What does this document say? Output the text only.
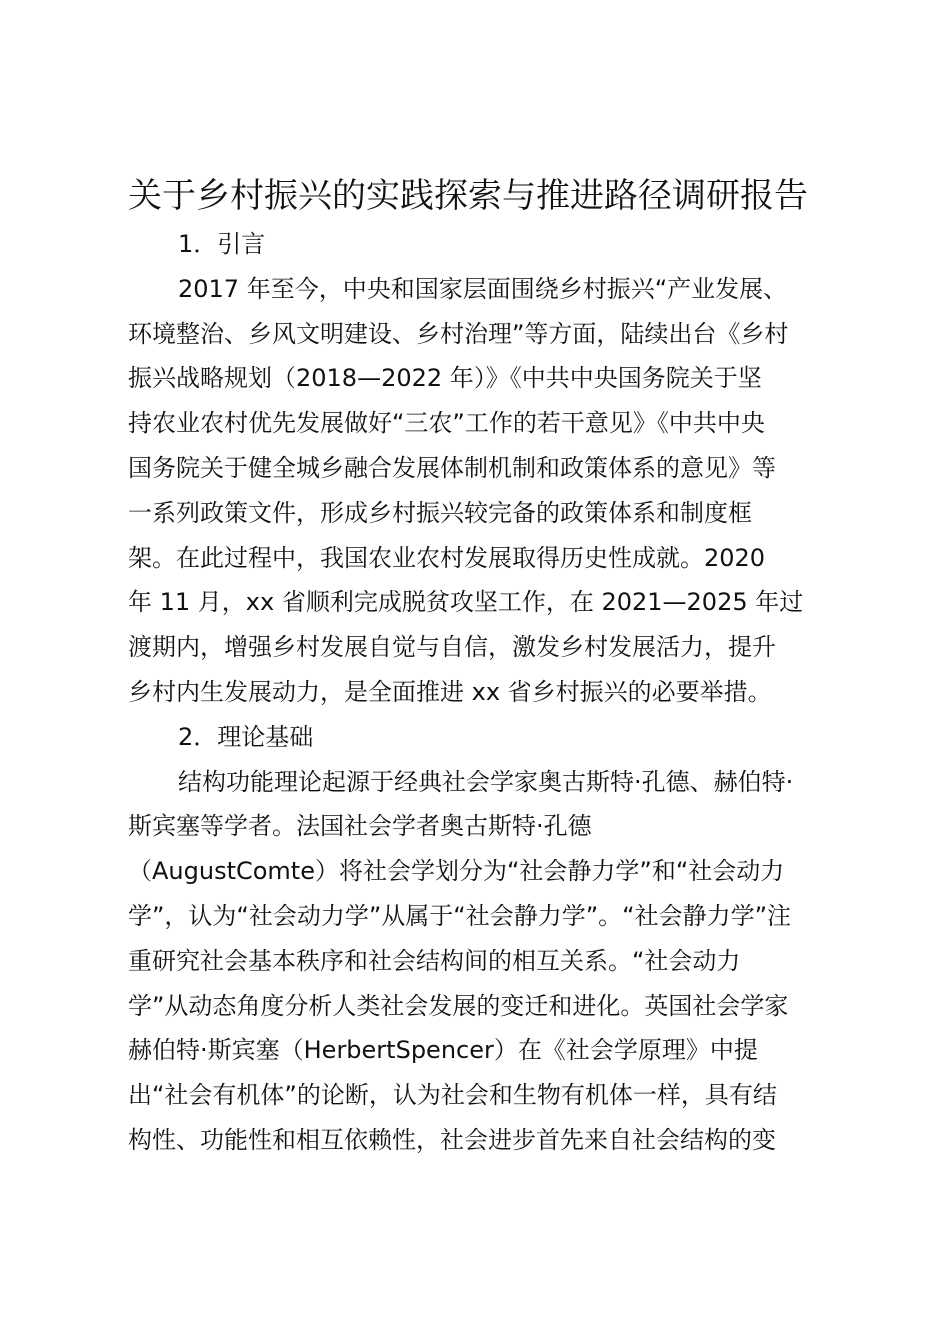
关于乡村振兴的实践探索与推进路径调研报告
1．引言
2017 年至今，中央和国家层面围绕乡村振兴“产业发展、
环境整治、乡风文明建设、乡村治理”等方面，陆续出台《乡村
振兴战略规划（2018—2022 年）》《中共中央国务院关于坚
持农业农村优先发展做好“三农”工作的若干意见》《中共中央
国务院关于健全城乡融合发展体制机制和政策体系的意见》等
一系列政策文件，形成乡村振兴较完备的政策体系和制度框
架。在此过程中，我国农业农村发展取得历史性成就。2020
年 11 月，xx 省顺利完成脱贫攻坚工作，在 2021—2025 年过
渡期内，增强乡村发展自觉与自信，激发乡村发展活力，提升
乡村内生发展动力，是全面推进 xx 省乡村振兴的必要举措。
2．理论基础
结构功能理论起源于经典社会学家奥古斯特·孔德、赫伯特·
斯宾塞等学者。法国社会学者奥古斯特·孔德
（AugustComte）将社会学划分为“社会静力学”和“社会动力
学”，认为“社会动力学”从属于“社会静力学”。“社会静力学”注
重研究社会基本秩序和社会结构间的相互关系。“社会动力
学”从动态角度分析人类社会发展的变迁和进化。英国社会学家
赫伯特·斯宾塞（HerbertSpencer）在《社会学原理》中提
出“社会有机体”的论断，认为社会和生物有机体一样，具有结
构性、功能性和相互依赖性，社会进步首先来自社会结构的变
